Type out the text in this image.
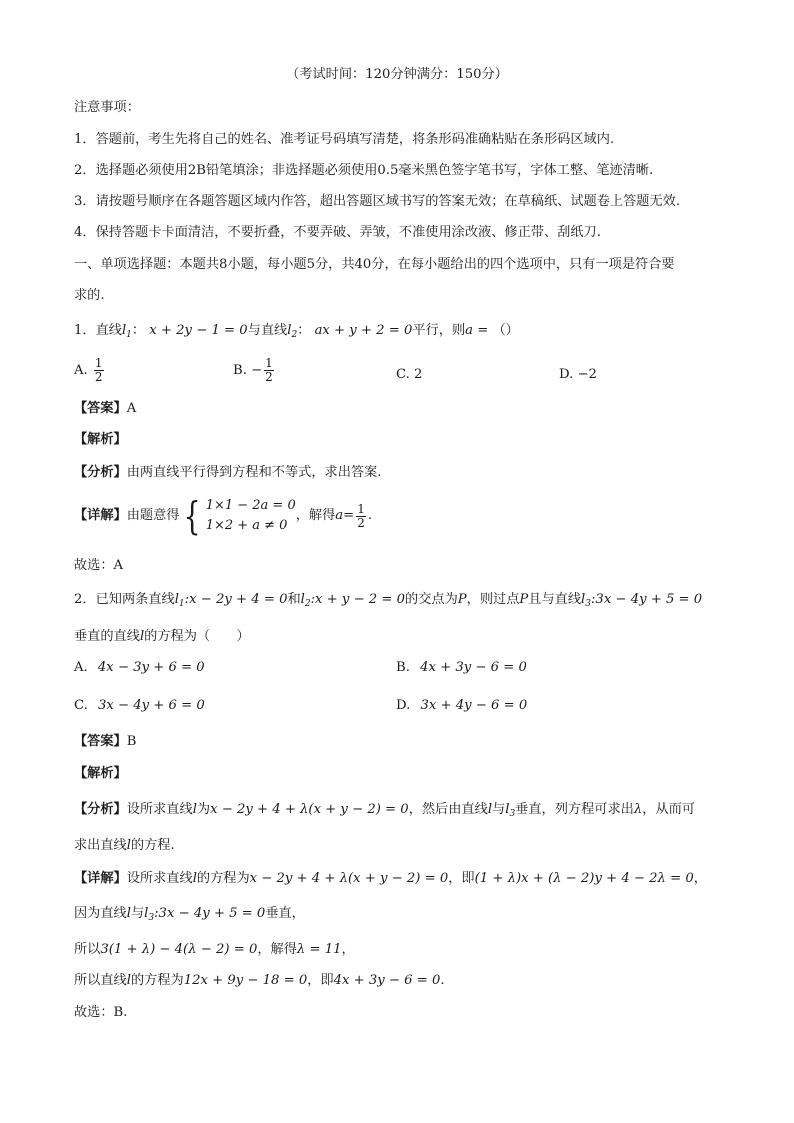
（考试时间：120分钟满分：150分）
注意事项：
1．答题前，考生先将自己的姓名、准考证号码填写清楚，将条形码准确粘贴在条形码区域内.
2．选择题必须使用2B铅笔填涂；非选择题必须使用0.5毫米黑色签字笔书写，字体工整、笔迹清晰.
3．请按题号顺序在各题答题区域内作答，超出答题区域书写的答案无效；在草稿纸、试题卷上答题无效.
4．保持答题卡卡面清洁，不要折叠，不要弄破、弄皱，不准使用涂改液、修正带、刮纸刀.
一、单项选择题：本题共8小题，每小题5分，共40分，在每小题给出的四个选项中，只有一项是符合要
求的.
1．直线$l_1$： x + 2y − 1 = 0与直线$l_2$： ax + y + 2 = 0平行，则a = （）
A. $\frac{1}{2}$	B. − $\frac{1}{2}$	C. 2	D. −2
【答案】A
【解析】
【分析】由两直线平行得到方程和不等式，求出答案.
【详解】 由题意得 { 1×1 − 2a = 0
1×2 + a ≠ 0
，解得 $a = \frac{1}{2}$ .
故选：A
2．已知两条直线$l_1:x - 2y + 4 = 0$和$l_2:x + y - 2 = 0$的交点为P，则过点P且与直线$l_3:3x - 4y + 5 = 0$
垂直的直线l的方程为（　　）
A. 4x − 3y + 6 = 0	B. 4x + 3y − 6 = 0
C. 3x − 4y + 6 = 0	D. 3x + 4y − 6 = 0
【答案】B
【解析】
【分析】设所求直线l为x − 2y + 4 + λ(x + y − 2) = 0，然后由直线l与$l_3$垂直，列方程可求出λ，从而可
求出直线l的方程.
【详解】设所求直线l的方程为x − 2y + 4 + λ(x + y − 2) = 0，即(1 + λ)x + (λ − 2)y + 4 − 2λ = 0，
因为直线l与$l_3:3x - 4y + 5 = 0$垂直，
所以3(1 + λ) − 4(λ − 2) = 0，解得λ = 11，
所以直线l的方程为12x + 9y − 18 = 0，即4x + 3y − 6 = 0.
故选：B.
